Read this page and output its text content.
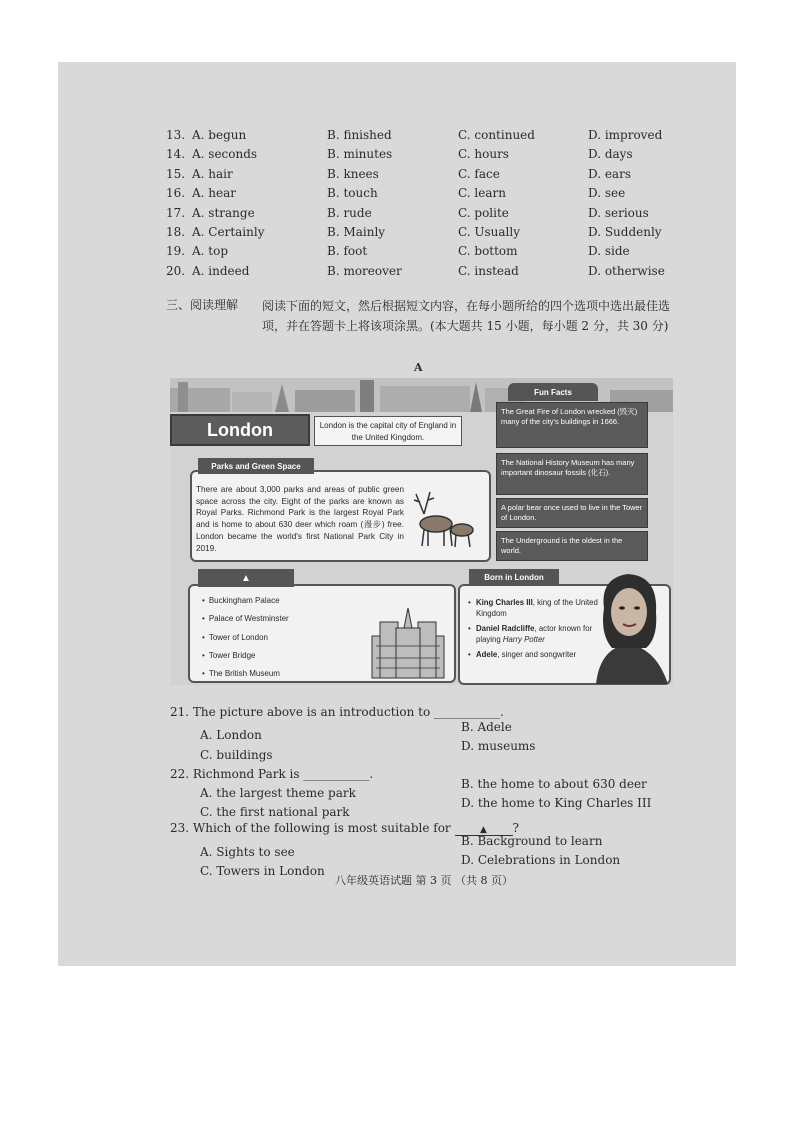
13. A. begun	B. finished	C. continued	D. improved
14. A. seconds	B. minutes	C. hours	D. days
15. A. hair	B. knees	C. face	D. ears
16. A. hear	B. touch	C. learn	D. see
17. A. strange	B. rude	C. polite	D. serious
18. A. Certainly	B. Mainly	C. Usually	D. Suddenly
19. A. top	B. foot	C. bottom	D. side
20. A. indeed	B. moreover	C. instead	D. otherwise
三、阅读理解 阅读下面的短文，然后根据短文内容，在每小题所给的四个选项中选出最佳选项，并在答题卡上将该项涂黑。(本大题共 15 小题，每小题 2 分，共 30 分)
A
London	London is the capital city of England in the United Kingdom.
Fun Facts
The Great Fire of London wrecked (毁灭) many of the city's buildings in 1666.
The National History Museum has many important dinosaur fossils (化石).
A polar bear once used to live in the Tower of London.
The Underground is the oldest in the world.
There are about 3,000 parks and areas of public green space across the city. Eight of the parks are known as Royal Parks. Richmond Park is the largest Royal Park and is home to about 630 deer which roam (漫步) free. London became the world's first National Park City in 2019.
Parks and Green Space
• Buckingham Palace
• Palace of Westminster
• Tower of London
• Tower Bridge
• The British Museum
▲
• King Charles III, king of the United Kingdom
• Daniel Radcliffe, actor known for playing Harry Potter
• Adele, singer and songwriter
Born in London
21. The picture above is an introduction to ___________.
B. Adele
A. London
D. museums
C. buildings
22. Richmond Park is ___________.
B. the home to about 630 deer
A. the largest theme park
D. the home to King Charles III
C. the first national park
23. Which of the following is most suitable for	▲ ?
B. Background to learn
A. Sights to see
D. Celebrations in London
C. Towers in London
八年级英语试题 第 3 页 （共 8 页）
